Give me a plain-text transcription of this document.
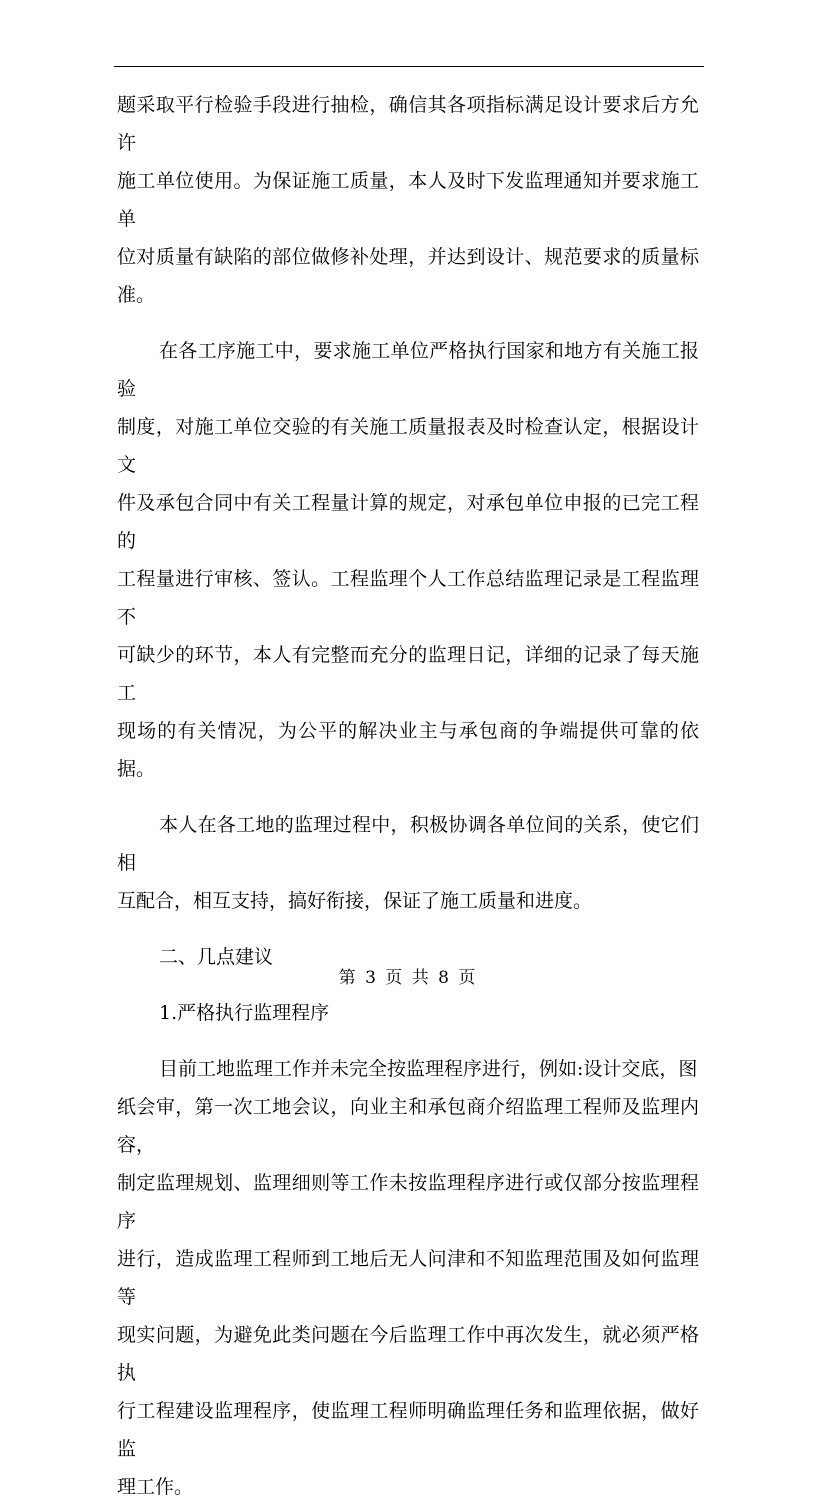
题采取平行检验手段进行抽检，确信其各项指标满足设计要求后方允许

施工单位使用。为保证施工质量，本人及时下发监理通知并要求施工单

位对质量有缺陷的部位做修补处理，并达到设计、规范要求的质量标准。

在各工序施工中，要求施工单位严格执行国家和地方有关施工报验

制度，对施工单位交验的有关施工质量报表及时检查认定，根据设计文

件及承包合同中有关工程量计算的规定，对承包单位申报的已完工程的

工程量进行审核、签认。工程监理个人工作总结监理记录是工程监理不

可缺少的环节，本人有完整而充分的监理日记，详细的记录了每天施工

现场的有关情况，为公平的解决业主与承包商的争端提供可靠的依据。

本人在各工地的监理过程中，积极协调各单位间的关系，使它们相

互配合，相互支持，搞好衔接，保证了施工质量和进度。

二、几点建议

1.严格执行监理程序

目前工地监理工作并未完全按监理程序进行，例如:设计交底，图

纸会审，第一次工地会议，向业主和承包商介绍监理工程师及监理内容，

制定监理规划、监理细则等工作未按监理程序进行或仅部分按监理程序

进行，造成监理工程师到工地后无人问津和不知监理范围及如何监理等

现实问题，为避免此类问题在今后监理工作中再次发生，就必须严格执

行工程建设监理程序，使监理工程师明确监理任务和监理依据，做好监

理工作。

第 3 页 共 8 页
